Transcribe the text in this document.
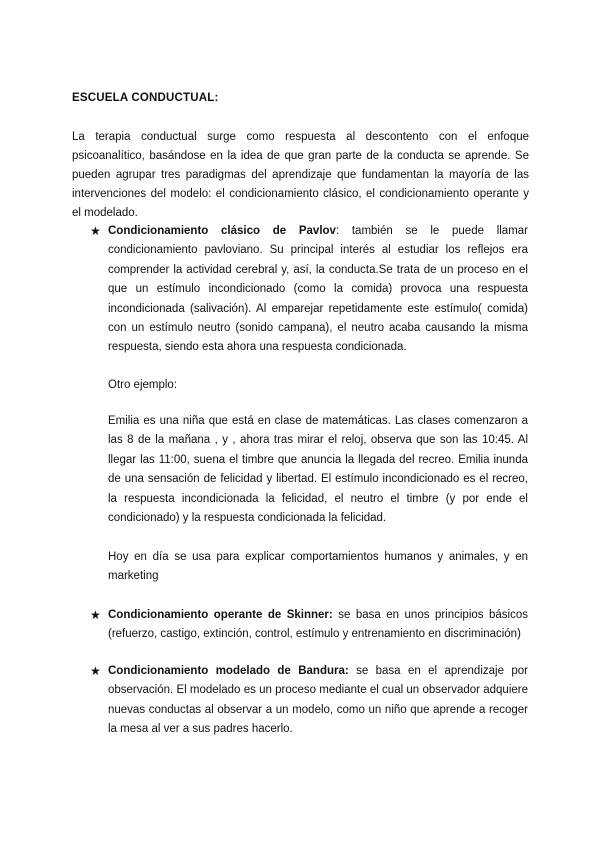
ESCUELA CONDUCTUAL:

La terapia conductual surge como respuesta al descontento con el enfoque psicoanalítico, basándose en la idea de que gran parte de la conducta se aprende. Se pueden agrupar tres paradigmas del aprendizaje que fundamentan la mayoría de las intervenciones del modelo: el condicionamiento clásico, el condicionamiento operante y el modelado.

★ Condicionamiento clásico de Pavlov: también se le puede llamar condicionamiento pavloviano. Su principal interés al estudiar los reflejos era comprender la actividad cerebral y, así, la conducta.Se trata de un proceso en el que un estímulo incondicionado (como la comida) provoca una respuesta incondicionada (salivación). Al emparejar repetidamente este estímulo( comida) con un estímulo neutro (sonido campana), el neutro acaba causando la misma respuesta, siendo esta ahora una respuesta condicionada.

Otro ejemplo:

Emilia es una niña que está en clase de matemáticas. Las clases comenzaron a las 8 de la mañana , y , ahora tras mirar el reloj, observa que son las 10:45. Al llegar las 11:00, suena el timbre que anuncia la llegada del recreo. Emilia inunda de una sensación de felicidad y libertad. El estímulo incondicionado es el recreo, la respuesta incondicionada la felicidad, el neutro el timbre (y por ende el condicionado) y la respuesta condicionada la felicidad.

Hoy en día se usa para explicar comportamientos humanos y animales, y en marketing

★ Condicionamiento operante de Skinner: se basa en unos principios básicos (refuerzo, castigo, extinción, control, estímulo y entrenamiento en discriminación)

★ Condicionamiento modelado de Bandura: se basa en el aprendizaje por observación. El modelado es un proceso mediante el cual un observador adquiere nuevas conductas al observar a un modelo, como un niño que aprende a recoger la mesa al ver a sus padres hacerlo.
